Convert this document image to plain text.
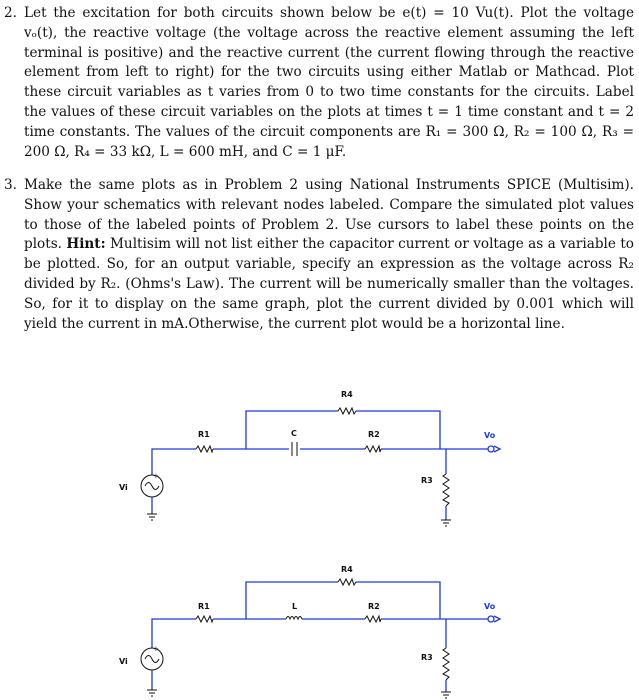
2. Let the excitation for both circuits shown below be e(t) = 10 Vu(t). Plot the voltage vₒ(t), the reactive voltage (the voltage across the reactive element assuming the left terminal is positive) and the reactive current (the current flowing through the reactive element from left to right) for the two circuits using either Matlab or Mathcad. Plot these circuit variables as t varies from 0 to two time constants for the circuits. Label the values of these circuit variables on the plots at times t = 1 time constant and t = 2 time constants. The values of the circuit components are R₁ = 300 Ω, R₂ = 100 Ω, R₃ = 200 Ω, R₄ = 33 kΩ, L = 600 mH, and C = 1 μF.
3. Make the same plots as in Problem 2 using National Instruments SPICE (Multisim). Show your schematics with relevant nodes labeled. Compare the simulated plot values to those of the labeled points of Problem 2. Use cursors to label these points on the plots. Hint: Multisim will not list either the capacitor current or voltage as a variable to be plotted. So, for an output variable, specify an expression as the voltage across R₂ divided by R₂. (Ohms's Law). The current will be numerically smaller than the voltages. So, for it to display on the same graph, plot the current divided by 0.001 which will yield the current in mA.Otherwise, the current plot would be a horizontal line.
R4
R1	C	R2	Vo
+
Vi
R3
R4
R1	L	R2	Vo
+
Vi	R3
